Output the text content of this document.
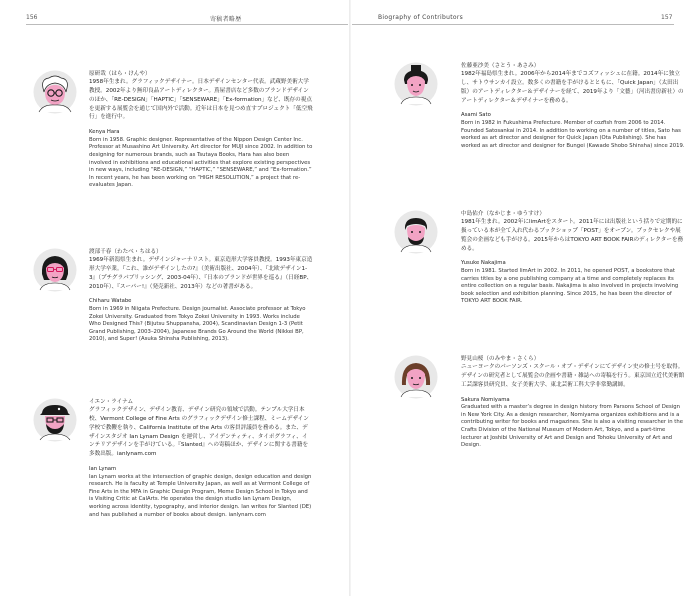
156	寄稿者略歴	Biography of Contributors	157
原研哉（はら・けんや）
1958年生まれ。グラフィックデザイナー。日本デザインセンター代表。武蔵野美術大学教授。2002年より無印良品アートディレクター。蔦屋書店など多数のブランドデザインのほか、「RE-DESIGN」「HAPTIC」「SENSEWARE」「Ex-formation」など、既存の視点を更新する展覧会を通じて国内外で活動。近年は日本を見つめ直すプロジェクト「低空飛行」を進行中。
Kenya Hara
Born in 1958. Graphic designer. Representative of the Nippon Design Center Inc. Professor at Musashino Art University. Art director for MUJI since 2002. In addition to designing for numerous brands, such as Tsutaya Books, Hara has also been involved in exhibitions and educational activities that explore existing perspectives in new ways, including “RE-DESIGN,” “HAPTIC,” “SENSEWARE,” and “Ex-formation.” In recent years, he has been working on “HIGH RESOLUTION,” a project that re-evaluates Japan.
渡部千春（わたべ・ちはる）
1969年新潟県生まれ。デザインジャーナリスト。東京造形大学客員教授。1993年東京造形大学卒業。『これ、誰がデザインしたの?』（美術出版社、2004年）、『北欧デザイン1-3』（プチグラパブリッシング、2003-04年）、『日本のブランドが世界を巡る』（日経BP、2010年）、『スーパー!』（発売新社、2013年）などの著書がある。
Chiharu Watabe
Born in 1969 in Niigata Prefecture. Design journalist. Associate professor at Tokyo Zokei University. Graduated from Tokyo Zokei University in 1993. Works include Who Designed This? (Bijutsu Shuppansha, 2004), Scandinavian Design 1-3 (Petit Grand Publishing, 2003–2004), Japanese Brands Go Around the World (Nikkei BP, 2010), and Super! (Asuka Shinsha Publishing, 2013).
イエン・ライナム
グラフィックデザイン、デザイン教育、デザイン研究の領域で活動。テンプル大学日本校、Vermont College of Fine Arts のグラフィックデザイン修士課程、ミームデザイン学校で教鞭を執り、California Institute of the Arts の客員評議員を務める。また、デザインスタジオ Ian Lynam Design を運営し、アイデンティティ、タイポグラフィ、インテリアデザインを手がけている。『Slanted』への寄稿ほか、デザインに関する書籍を多数出版。ianlynam.com
Ian Lynam
Ian Lynam works at the intersection of graphic design, design education and design research. He is faculty at Temple University Japan, as well as at Vermont College of Fine Arts in the MFA in Graphic Design Program, Meme Design School in Tokyo and is Visiting Critic at CalArts. He operates the design studio Ian Lynam Design, working across identity, typography, and interior design. Ian writes for Slanted (DE) and has published a number of books about design. ianlynam.com
佐藤亜沙美（さとう・あさみ）
1982年福島県生まれ。2006年から2014年までコズフィッシュに在籍。2014年に独立し、サトウサンカイ設立。数多くの書籍を手がけるとともに、「Quick Japan」（太田出版）のアートディレクター＆デザイナーを経て、2019年より「文藝」（河出書房新社）のアートディレクター＆デザイナーを務める。
Asami Sato
Born in 1982 in Fukushima Prefecture. Member of cozfish from 2006 to 2014. Founded Satosankai in 2014. In addition to working on a number of titles, Sato has worked as art director and designer for Quick Japan (Ota Publishing). She has worked as art director and designer for Bungei (Kawade Shobo Shinsha) since 2019.
中島佑介（なかじま・ゆうすけ）
1981年生まれ。2002年にlimArtをスタート。2011年には出版社という括りで定期的に扱っている本が全て入れ代わるブックショップ「POST」をオープン。ブックセレクや展覧会の企画なども手がける。2015年からはTOKYO ART BOOK FAIRのディレクターを務める。
Yusuke Nakajima
Born in 1981. Started limArt in 2002. In 2011, he opened POST, a bookstore that carries titles by a one publishing company at a time and completely replaces its entire collection on a regular basis. Nakajima is also involved in projects involving book selection and exhibition planning. Since 2015, he has been the director of TOKYO ART BOOK FAIR.
野見山桜（のみやま・さくら）
ニューヨークのパーソンズ・スクール・オブ・デザインにてデザイン史の修士号を取得。デザインの研究者として展覧会の企画や書籍・雑誌への寄稿を行う。東京国立近代美術館工芸課客員研究員、女子美術大学、東北芸術工科大学非常勤講師。
Sakura Nomiyama
Graduated with a master’s degree in design history from Parsons School of Design in New York City. As a design researcher, Nomiyama organizes exhibitions and is a contributing writer for books and magazines. She is also a visiting researcher in the Crafts Division of the National Museum of Modern Art, Tokyo, and a part-time lecturer at Joshibi University of Art and Design and Tohoku University of Art and Design.
